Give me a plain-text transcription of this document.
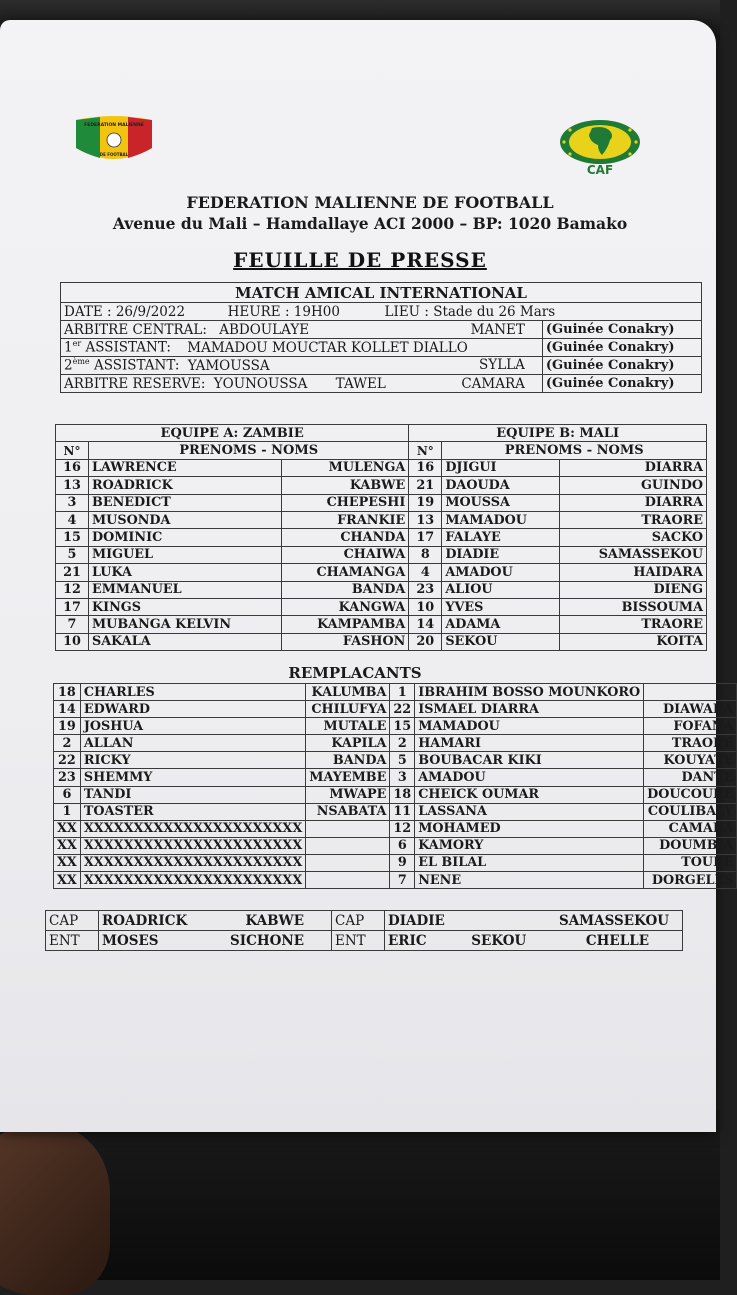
FEDERATION MALIENNE
DE FOOTBAL
CAF
FEDERATION MALIENNE DE FOOTBALL
Avenue du Mali – Hamdallaye ACI 2000 – BP: 1020 Bamako
FEUILLE DE PRESSE
MATCH AMICAL INTERNATIONAL	
DATE : 26/9/2022 HEURE : 19H00 LIEU : Stade du 26 Mars	
ARBITRE CENTRAL: ABDOULAYE MANET	(Guinée Conakry)
1er ASSISTANT: MAMADOU MOUCTAR KOLLET DIALLO	(Guinée Conakry)
2ème ASSISTANT: YAMOUSSA SYLLA	(Guinée Conakry)
ARBITRE RESERVE: YOUNOUSSA TAWEL CAMARA	(Guinée Conakry)
EQUIPE A: ZAMBIE			EQUIPE B: MALI		
N°	PRENOMS - NOMS		N°	PRENOMS - NOMS	
16	LAWRENCE	MULENGA	16	DJIGUI	DIARRA
13	ROADRICK	KABWE	21	DAOUDA	GUINDO
3	BENEDICT	CHEPESHI	19	MOUSSA	DIARRA
4	MUSONDA	FRANKIE	13	MAMADOU	TRAORE
15	DOMINIC	CHANDA	17	FALAYE	SACKO
5	MIGUEL	CHAIWA	8	DIADIE	SAMASSEKOU
21	LUKA	CHAMANGA	4	AMADOU	HAIDARA
12	EMMANUEL	BANDA	23	ALIOU	DIENG
17	KINGS	KANGWA	10	YVES	BISSOUMA
7	MUBANGA KELVIN	KAMPAMBA	14	ADAMA	TRAORE
10	SAKALA	FASHON	20	SEKOU	KOITA
REMPLACANTS
18	CHARLES	KALUMBA	1	IBRAHIM BOSSO MOUNKORO	
14	EDWARD	CHILUFYA	22	ISMAEL DIARRA	DIAWARA
19	JOSHUA	MUTALE	15	MAMADOU	FOFANA
2	ALLAN	KAPILA	2	HAMARI	TRAORE
22	RICKY	BANDA	5	BOUBACAR KIKI	KOUYATE
23	SHEMMY	MAYEMBE	3	AMADOU	DANTE
6	TANDI	MWAPE	18	CHEICK OUMAR	DOUCOURE
1	TOASTER	NSABATA	11	LASSANA	COULIBALY
XX	XXXXXXXXXXXXXXXXXXXXXX		12	MOHAMED	CAMARA
XX	XXXXXXXXXXXXXXXXXXXXXX		6	KAMORY	DOUMBIA
XX	XXXXXXXXXXXXXXXXXXXXXX		9	EL BILAL	TOURE
XX	XXXXXXXXXXXXXXXXXXXXXX		7	NENE	DORGELES
CAP	ROADRICK KABWE	CAP	DIADIE SAMASSEKOU

ENT	MOSES SICHONE	ENT	ERIC SEKOU CHELLE
